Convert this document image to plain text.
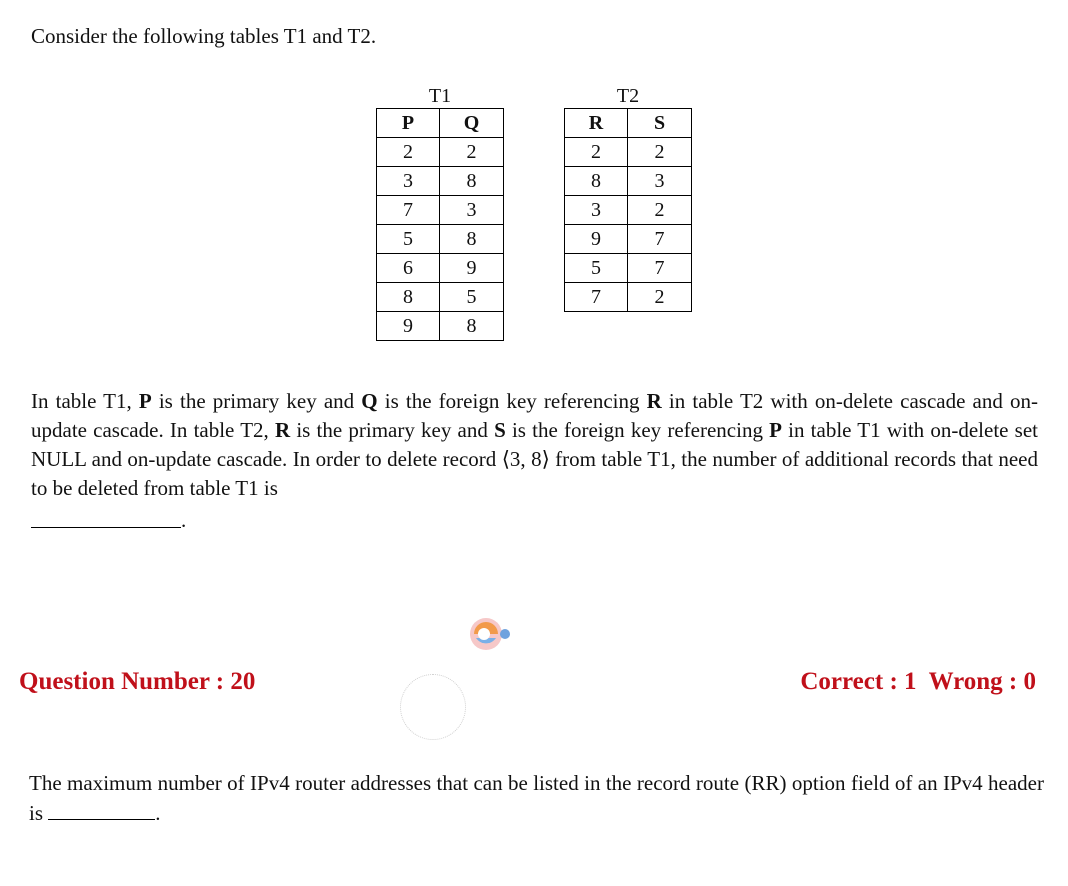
Consider the following tables T1 and T2.
T1
P	Q
2	2
3	8
7	3
5	8
6	9
8	5
9	8
T2
R	S
2	2
8	3
3	2
9	7
5	7
7	2
In table T1, P is the primary key and Q is the foreign key referencing R in table T2 with on-delete cascade and on-update cascade. In table T2, R is the primary key and S is the foreign key referencing P in table T1 with on-delete set NULL and on-update cascade. In order to delete record ⟨3, 8⟩ from table T1, the number of additional records that need to be deleted from table T1 is
.
Question Number : 20	Correct : 1 Wrong : 0
The maximum number of IPv4 router addresses that can be listed in the record route (RR) option field of an IPv4 header is	.
